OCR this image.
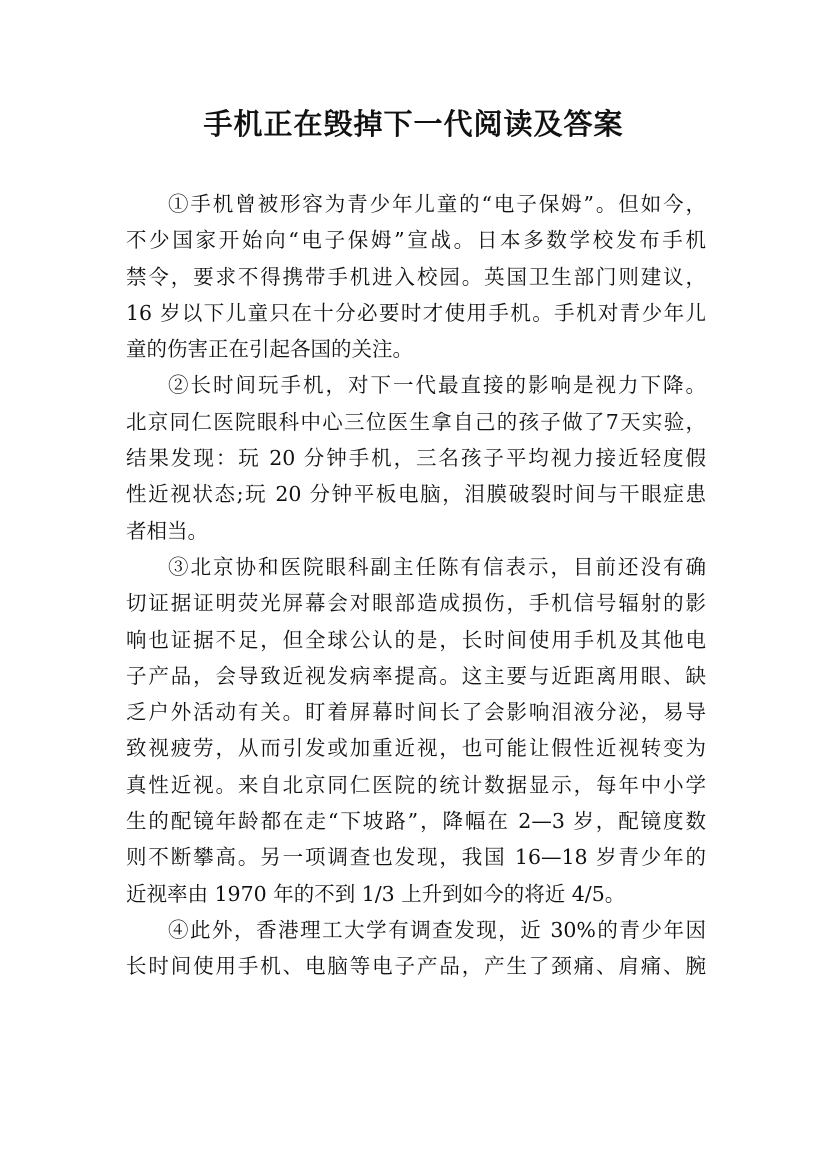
手机正在毁掉下一代阅读及答案
①手机曾被形容为青少年儿童的“电子保姆”。但如今，
不少国家开始向“电子保姆”宣战。日本多数学校发布手机
禁令，要求不得携带手机进入校园。英国卫生部门则建议，
16 岁以下儿童只在十分必要时才使用手机。手机对青少年儿
童的伤害正在引起各国的关注。
②长时间玩手机，对下一代最直接的影响是视力下降。
北京同仁医院眼科中心三位医生拿自己的孩子做了7天实验，
结果发现：玩 20 分钟手机，三名孩子平均视力接近轻度假
性近视状态;玩 20 分钟平板电脑，泪膜破裂时间与干眼症患
者相当。
③北京协和医院眼科副主任陈有信表示，目前还没有确
切证据证明荧光屏幕会对眼部造成损伤，手机信号辐射的影
响也证据不足，但全球公认的是，长时间使用手机及其他电
子产品，会导致近视发病率提高。这主要与近距离用眼、缺
乏户外活动有关。盯着屏幕时间长了会影响泪液分泌，易导
致视疲劳，从而引发或加重近视，也可能让假性近视转变为
真性近视。来自北京同仁医院的统计数据显示，每年中小学
生的配镜年龄都在走“下坡路”，降幅在 2—3 岁，配镜度数
则不断攀高。另一项调查也发现，我国 16—18 岁青少年的
近视率由 1970 年的不到 1/3 上升到如今的将近 4/5。
④此外，香港理工大学有调查发现，近 30%的青少年因
长时间使用手机、电脑等电子产品，产生了颈痛、肩痛、腕
